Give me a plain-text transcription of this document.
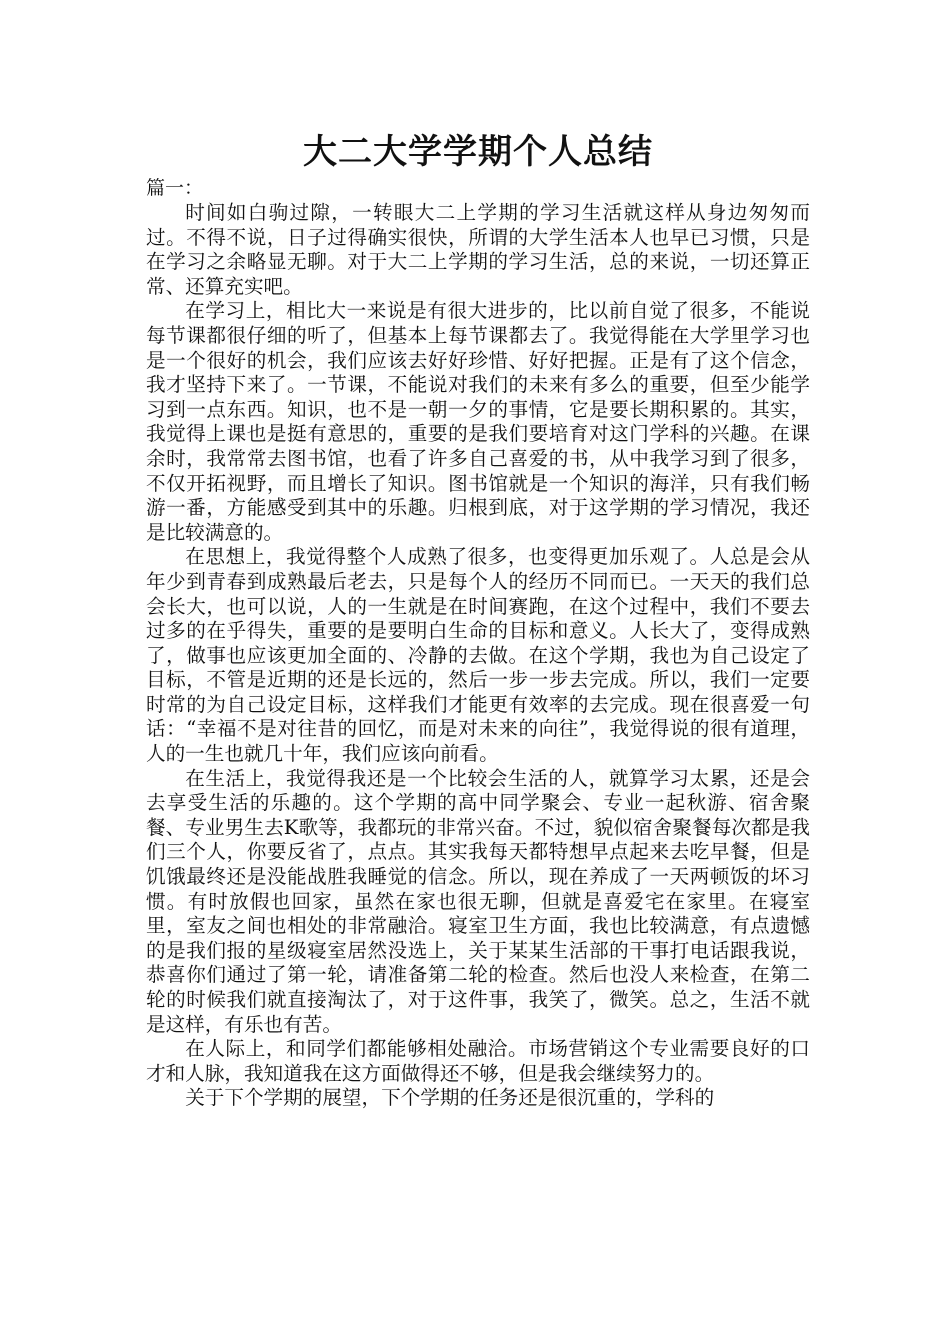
大二大学学期个人总结

篇一：

时间如白驹过隙，一转眼大二上学期的学习生活就这样从身边匆匆而过。不得不说，日子过得确实很快，所谓的大学生活本人也早已习惯，只是在学习之余略显无聊。对于大二上学期的学习生活，总的来说，一切还算正常、还算充实吧。

在学习上，相比大一来说是有很大进步的，比以前自觉了很多，不能说每节课都很仔细的听了，但基本上每节课都去了。我觉得能在大学里学习也是一个很好的机会，我们应该去好好珍惜、好好把握。正是有了这个信念，我才坚持下来了。一节课，不能说对我们的未来有多么的重要，但至少能学习到一点东西。知识，也不是一朝一夕的事情，它是要长期积累的。其实，我觉得上课也是挺有意思的，重要的是我们要培育对这门学科的兴趣。在课余时，我常常去图书馆，也看了许多自己喜爱的书，从中我学习到了很多，不仅开拓视野，而且增长了知识。图书馆就是一个知识的海洋，只有我们畅游一番，方能感受到其中的乐趣。归根到底，对于这学期的学习情况，我还是比较满意的。

在思想上，我觉得整个人成熟了很多，也变得更加乐观了。人总是会从年少到青春到成熟最后老去，只是每个人的经历不同而已。一天天的我们总会长大，也可以说，人的一生就是在时间赛跑，在这个过程中，我们不要去过多的在乎得失，重要的是要明白生命的目标和意义。人长大了，变得成熟了，做事也应该更加全面的、冷静的去做。在这个学期，我也为自己设定了目标，不管是近期的还是长远的，然后一步一步去完成。所以，我们一定要时常的为自己设定目标，这样我们才能更有效率的去完成。现在很喜爱一句话：“幸福不是对往昔的回忆，而是对未来的向往”，我觉得说的很有道理，人的一生也就几十年，我们应该向前看。

在生活上，我觉得我还是一个比较会生活的人，就算学习太累，还是会去享受生活的乐趣的。这个学期的高中同学聚会、专业一起秋游、宿舍聚餐、专业男生去K歌等，我都玩的非常兴奋。不过，貌似宿舍聚餐每次都是我们三个人，你要反省了，点点。其实我每天都特想早点起来去吃早餐，但是饥饿最终还是没能战胜我睡觉的信念。所以，现在养成了一天两顿饭的坏习惯。有时放假也回家，虽然在家也很无聊，但就是喜爱宅在家里。在寝室里，室友之间也相处的非常融洽。寝室卫生方面，我也比较满意，有点遗憾的是我们报的星级寝室居然没选上，关于某某生活部的干事打电话跟我说，恭喜你们通过了第一轮，请准备第二轮的检查。然后也没人来检查，在第二轮的时候我们就直接淘汰了，对于这件事，我笑了，微笑。总之，生活不就是这样，有乐也有苦。

在人际上，和同学们都能够相处融洽。市场营销这个专业需要良好的口才和人脉，我知道我在这方面做得还不够，但是我会继续努力的。

关于下个学期的展望，下个学期的任务还是很沉重的，学科的
